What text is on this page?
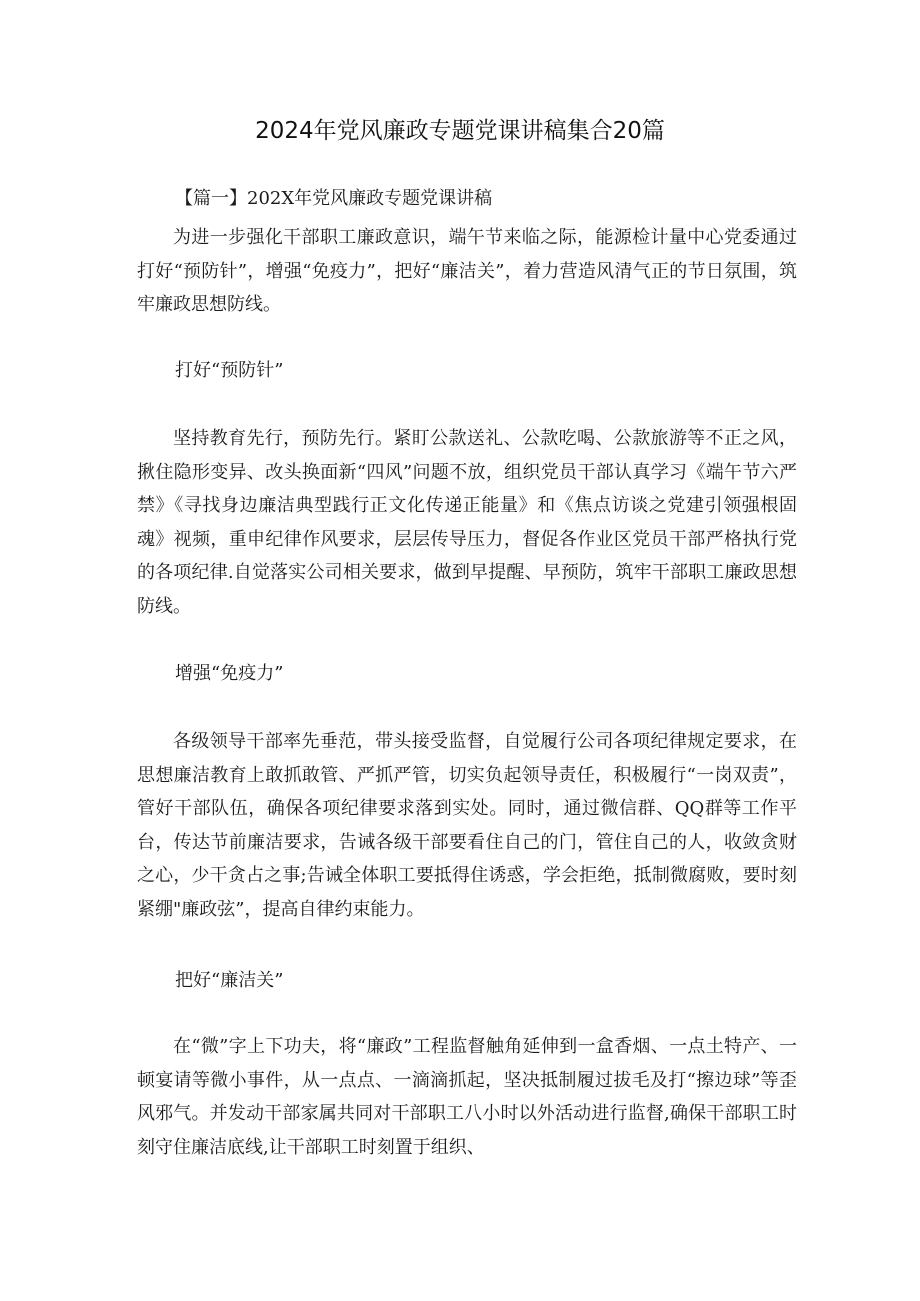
2024年党风廉政专题党课讲稿集合20篇

【篇一】202X年党风廉政专题党课讲稿

为进一步强化干部职工廉政意识，端午节来临之际，能源检计量中心党委通过打好“预防针”，增强“免疫力”，把好“廉洁关”，着力营造风清气正的节日氛围，筑牢廉政思想防线。

打好“预防针”

坚持教育先行，预防先行。紧盯公款送礼、公款吃喝、公款旅游等不正之风，揪住隐形变异、改头换面新“四风”问题不放，组织党员干部认真学习《端午节六严禁》《寻找身边廉洁典型践行正文化传递正能量》和《焦点访谈之党建引领强根固魂》视频，重申纪律作风要求，层层传导压力，督促各作业区党员干部严格执行党的各项纪律.自觉落实公司相关要求，做到早提醒、早预防，筑牢干部职工廉政思想防线。

增强“免疫力”

各级领导干部率先垂范，带头接受监督，自觉履行公司各项纪律规定要求，在思想廉洁教育上敢抓敢管、严抓严管，切实负起领导责任，积极履行“一岗双责”，管好干部队伍，确保各项纪律要求落到实处。同时，通过微信群、QQ群等工作平台，传达节前廉洁要求，告诫各级干部要看住自己的门，管住自己的人，收敛贪财之心，少干贪占之事;告诫全体职工要抵得住诱惑，学会拒绝，抵制微腐败，要时刻紧绷"廉政弦”，提高自律约束能力。

把好“廉洁关”

在“微”字上下功夫，将“廉政”工程监督触角延伸到一盒香烟、一点土特产、一顿宴请等微小事件，从一点点、一滴滴抓起，坚决抵制履过拔毛及打“擦边球”等歪风邪气。并发动干部家属共同对干部职工八小时以外活动进行监督,确保干部职工时刻守住廉洁底线,让干部职工时刻置于组织、
